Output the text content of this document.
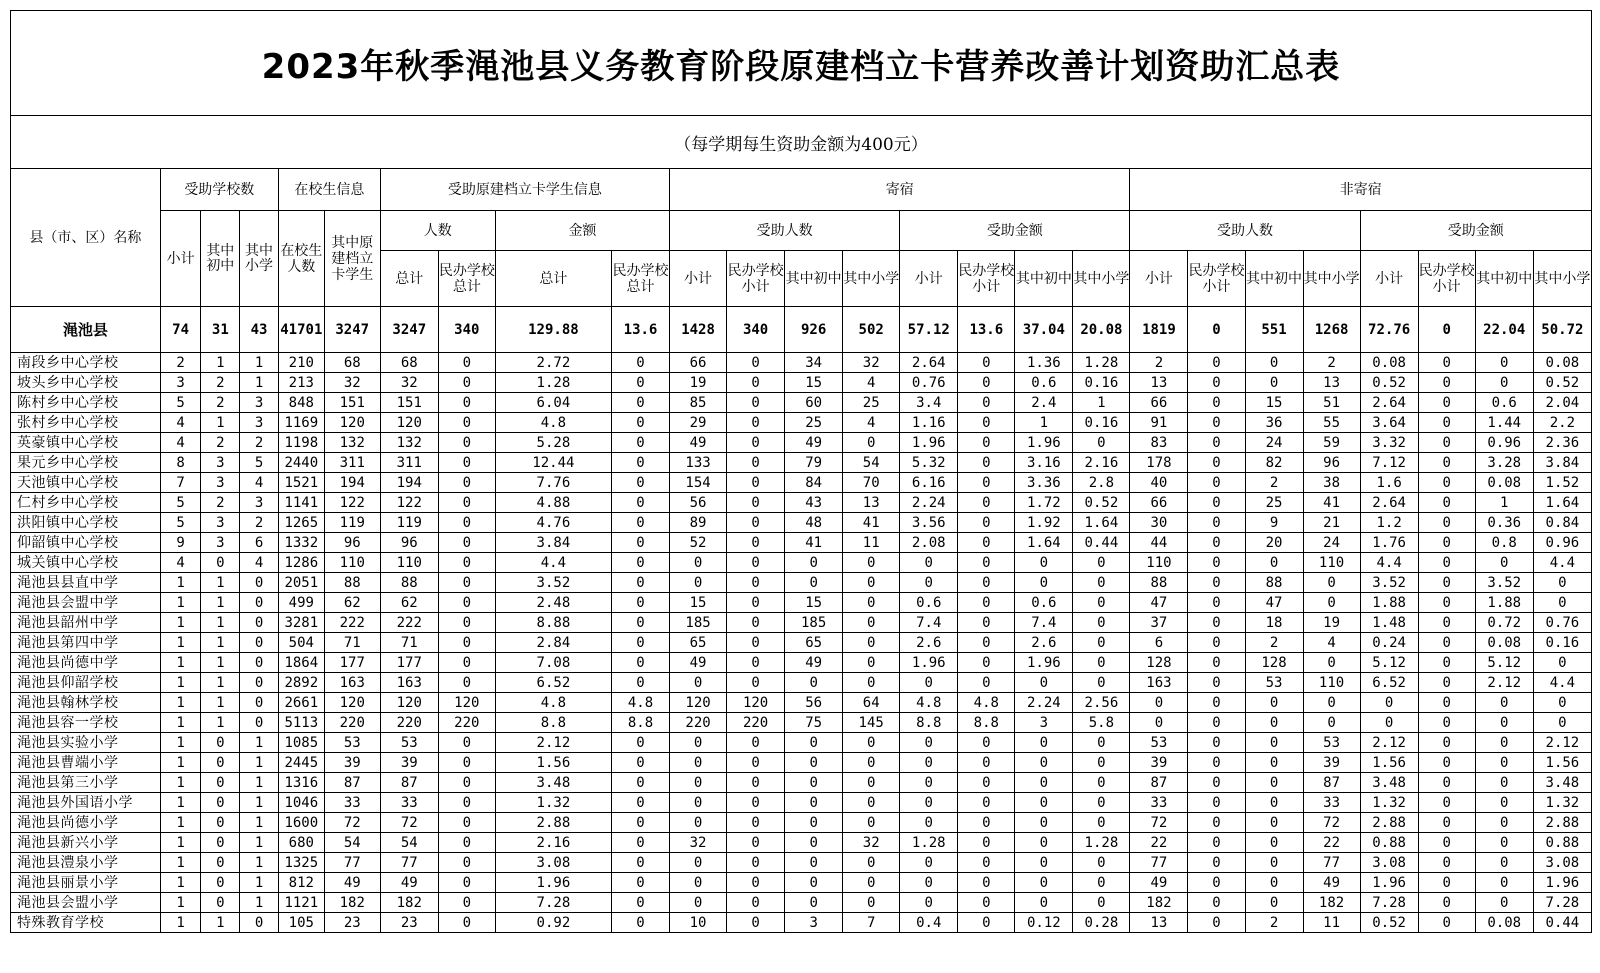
2023年秋季渑池县义务教育阶段原建档立卡营养改善计划资助汇总表
（每学期每生资助金额为400元）
县（市、区）名称	受助学校数			在校生信息		受助原建档立卡学生信息				寄宿								非寄宿							
	小计	其中初中	其中小学	在校生人数	其中原建档立卡学生	人数		金额		受助人数				受助金额				受助人数				受助金额			
						总计	民办学校总计	总计	民办学校总计	小计	民办学校小计	其中初中	其中小学	小计	民办学校小计	其中初中	其中小学	小计	民办学校小计	其中初中	其中小学	小计	民办学校小计	其中初中	其中小学
渑池县	74	31	43	41701	3247	3247	340	129.88	13.6	1428	340	926	502	57.12	13.6	37.04	20.08	1819	0	551	1268	72.76	0	22.04	50.72
南段乡中心学校	2	1	1	210	68	68	0	2.72	0	66	0	34	32	2.64	0	1.36	1.28	2	0	0	2	0.08	0	0	0.08
坡头乡中心学校	3	2	1	213	32	32	0	1.28	0	19	0	15	4	0.76	0	0.6	0.16	13	0	0	13	0.52	0	0	0.52
陈村乡中心学校	5	2	3	848	151	151	0	6.04	0	85	0	60	25	3.4	0	2.4	1	66	0	15	51	2.64	0	0.6	2.04
张村乡中心学校	4	1	3	1169	120	120	0	4.8	0	29	0	25	4	1.16	0	1	0.16	91	0	36	55	3.64	0	1.44	2.2
英豪镇中心学校	4	2	2	1198	132	132	0	5.28	0	49	0	49	0	1.96	0	1.96	0	83	0	24	59	3.32	0	0.96	2.36
果元乡中心学校	8	3	5	2440	311	311	0	12.44	0	133	0	79	54	5.32	0	3.16	2.16	178	0	82	96	7.12	0	3.28	3.84
天池镇中心学校	7	3	4	1521	194	194	0	7.76	0	154	0	84	70	6.16	0	3.36	2.8	40	0	2	38	1.6	0	0.08	1.52
仁村乡中心学校	5	2	3	1141	122	122	0	4.88	0	56	0	43	13	2.24	0	1.72	0.52	66	0	25	41	2.64	0	1	1.64
洪阳镇中心学校	5	3	2	1265	119	119	0	4.76	0	89	0	48	41	3.56	0	1.92	1.64	30	0	9	21	1.2	0	0.36	0.84
仰韶镇中心学校	9	3	6	1332	96	96	0	3.84	0	52	0	41	11	2.08	0	1.64	0.44	44	0	20	24	1.76	0	0.8	0.96
城关镇中心学校	4	0	4	1286	110	110	0	4.4	0	0	0	0	0	0	0	0	0	110	0	0	110	4.4	0	0	4.4
渑池县县直中学	1	1	0	2051	88	88	0	3.52	0	0	0	0	0	0	0	0	0	88	0	88	0	3.52	0	3.52	0
渑池县会盟中学	1	1	0	499	62	62	0	2.48	0	15	0	15	0	0.6	0	0.6	0	47	0	47	0	1.88	0	1.88	0
渑池县韶州中学	1	1	0	3281	222	222	0	8.88	0	185	0	185	0	7.4	0	7.4	0	37	0	18	19	1.48	0	0.72	0.76
渑池县第四中学	1	1	0	504	71	71	0	2.84	0	65	0	65	0	2.6	0	2.6	0	6	0	2	4	0.24	0	0.08	0.16
渑池县尚德中学	1	1	0	1864	177	177	0	7.08	0	49	0	49	0	1.96	0	1.96	0	128	0	128	0	5.12	0	5.12	0
渑池县仰韶学校	1	1	0	2892	163	163	0	6.52	0	0	0	0	0	0	0	0	0	163	0	53	110	6.52	0	2.12	4.4
渑池县翰林学校	1	1	0	2661	120	120	120	4.8	4.8	120	120	56	64	4.8	4.8	2.24	2.56	0	0	0	0	0	0	0	0
渑池县容一学校	1	1	0	5113	220	220	220	8.8	8.8	220	220	75	145	8.8	8.8	3	5.8	0	0	0	0	0	0	0	0
渑池县实验小学	1	0	1	1085	53	53	0	2.12	0	0	0	0	0	0	0	0	0	53	0	0	53	2.12	0	0	2.12
渑池县曹端小学	1	0	1	2445	39	39	0	1.56	0	0	0	0	0	0	0	0	0	39	0	0	39	1.56	0	0	1.56
渑池县第三小学	1	0	1	1316	87	87	0	3.48	0	0	0	0	0	0	0	0	0	87	0	0	87	3.48	0	0	3.48
渑池县外国语小学	1	0	1	1046	33	33	0	1.32	0	0	0	0	0	0	0	0	0	33	0	0	33	1.32	0	0	1.32
渑池县尚德小学	1	0	1	1600	72	72	0	2.88	0	0	0	0	0	0	0	0	0	72	0	0	72	2.88	0	0	2.88
渑池县新兴小学	1	0	1	680	54	54	0	2.16	0	32	0	0	32	1.28	0	0	1.28	22	0	0	22	0.88	0	0	0.88
渑池县澧泉小学	1	0	1	1325	77	77	0	3.08	0	0	0	0	0	0	0	0	0	77	0	0	77	3.08	0	0	3.08
渑池县丽景小学	1	0	1	812	49	49	0	1.96	0	0	0	0	0	0	0	0	0	49	0	0	49	1.96	0	0	1.96
渑池县会盟小学	1	0	1	1121	182	182	0	7.28	0	0	0	0	0	0	0	0	0	182	0	0	182	7.28	0	0	7.28
特殊教育学校	1	1	0	105	23	23	0	0.92	0	10	0	3	7	0.4	0	0.12	0.28	13	0	2	11	0.52	0	0.08	0.44
